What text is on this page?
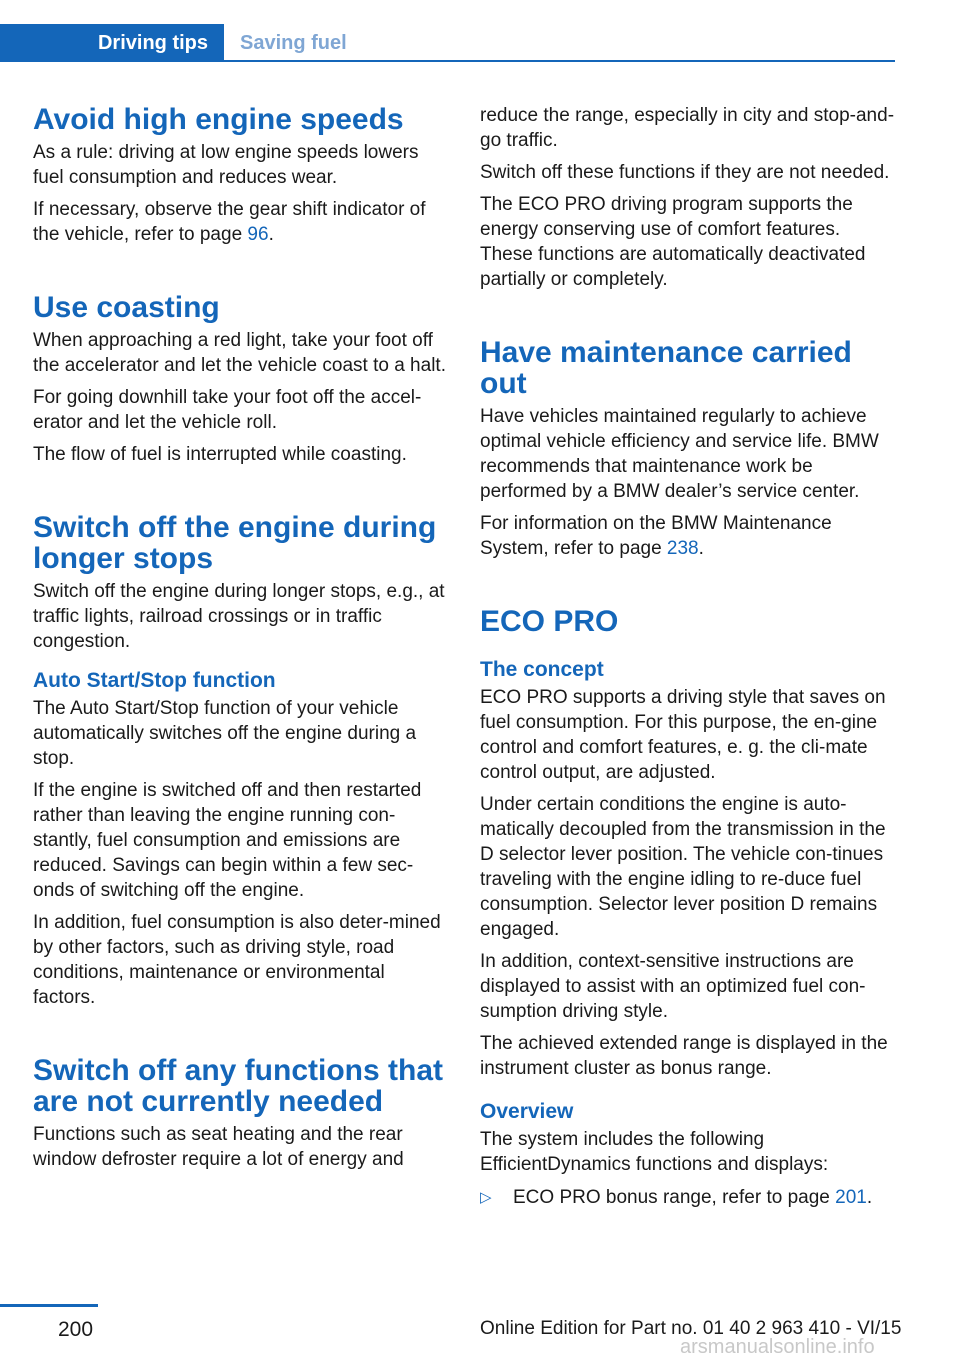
Driving tips	Saving fuel
Avoid high engine speeds

As a rule: driving at low engine speeds lowers fuel consumption and reduces wear.

If necessary, observe the gear shift indicator of the vehicle, refer to page 96.

Use coasting

When approaching a red light, take your foot off the accelerator and let the vehicle coast to a halt.

For going downhill take your foot off the accel‐erator and let the vehicle roll.

The flow of fuel is interrupted while coasting.

Switch off the engine during longer stops

Switch off the engine during longer stops, e.g., at traffic lights, railroad crossings or in traffic congestion.

Auto Start/Stop function

The Auto Start/Stop function of your vehicle automatically switches off the engine during a stop.

If the engine is switched off and then restarted rather than leaving the engine running con‐stantly, fuel consumption and emissions are reduced. Savings can begin within a few sec‐onds of switching off the engine.

In addition, fuel consumption is also deter‐mined by other factors, such as driving style, road conditions, maintenance or environmental factors.

Switch off any functions that are not currently needed

Functions such as seat heating and the rear window defroster require a lot of energy and

reduce the range, especially in city and stop-and-go traffic.

Switch off these functions if they are not needed.

The ECO PRO driving program supports the energy conserving use of comfort features. These functions are automatically deactivated partially or completely.

Have maintenance carried out

Have vehicles maintained regularly to achieve optimal vehicle efficiency and service life. BMW recommends that maintenance work be performed by a BMW dealer’s service center.

For information on the BMW Maintenance System, refer to page 238.

ECO PRO
The concept

ECO PRO supports a driving style that saves on fuel consumption. For this purpose, the en‐gine control and comfort features, e. g. the cli‐mate control output, are adjusted.

Under certain conditions the engine is auto‐matically decoupled from the transmission in the D selector lever position. The vehicle con‐tinues traveling with the engine idling to re‐duce fuel consumption. Selector lever position D remains engaged.

In addition, context-sensitive instructions are displayed to assist with an optimized fuel con‐sumption driving style.

The achieved extended range is displayed in the instrument cluster as bonus range.

Overview

The system includes the following EfficientDynamics functions and displays:

▷	ECO PRO bonus range, refer to page 201.
200	Online Edition for Part no. 01 40 2 963 410 - VI/15
arsmanualsonline.info
